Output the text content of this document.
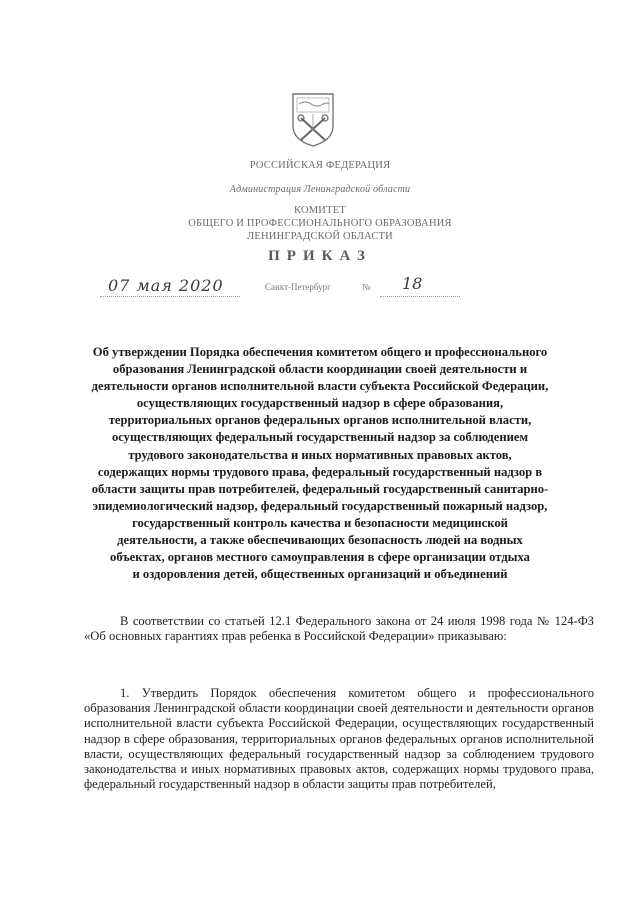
РОССИЙСКАЯ ФЕДЕРАЦИЯ
Администрация Ленинградской области
КОМИТЕТ
ОБЩЕГО И ПРОФЕССИОНАЛЬНОГО ОБРАЗОВАНИЯ
ЛЕНИНГРАДСКОЙ ОБЛАСТИ
ПРИКАЗ
07 мая 2020	Санкт-Петербург	№ 18
Об утверждении Порядка обеспечения комитетом общего и профессионального
образования Ленинградской области координации своей деятельности и
деятельности органов исполнительной власти субъекта Российской Федерации,
осуществляющих государственный надзор в сфере образования,
территориальных органов федеральных органов исполнительной власти,
осуществляющих федеральный государственный надзор за соблюдением
трудового законодательства и иных нормативных правовых актов,
содержащих нормы трудового права, федеральный государственный надзор в
области защиты прав потребителей, федеральный государственный санитарно-
эпидемиологический надзор, федеральный государственный пожарный надзор,
государственный контроль качества и безопасности медицинской
деятельности, а также обеспечивающих безопасность людей на водных
объектах, органов местного самоуправления в сфере организации отдыха
и оздоровления детей, общественных организаций и объединений
В соответствии со статьей 12.1 Федерального закона от 24 июля 1998 года № 124-ФЗ «Об основных гарантиях прав ребенка в Российской Федерации» приказываю:
1. Утвердить Порядок обеспечения комитетом общего и профессионального образования Ленинградской области координации своей деятельности и деятельности органов исполнительной власти субъекта Российской Федерации, осуществляющих государственный надзор в сфере образования, территориальных органов федеральных органов исполнительной власти, осуществляющих федеральный государственный надзор за соблюдением трудового законодательства и иных нормативных правовых актов, содержащих нормы трудового права, федеральный государственный надзор в области защиты прав потребителей,
